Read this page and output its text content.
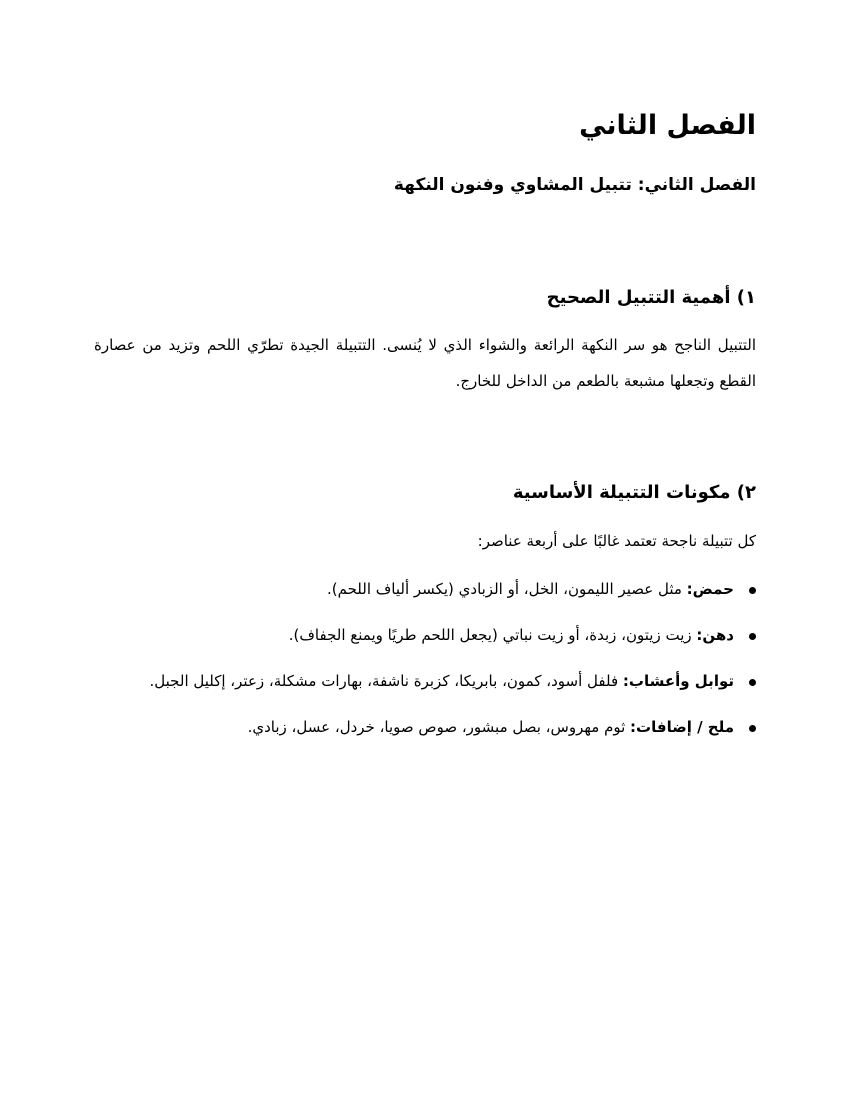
الفصل الثاني
الفصل الثاني: تتبيل المشاوي وفنون النكهة
١) أهمية التتبيل الصحيح

التتبيل الناجح هو سر النكهة الرائعة والشواء الذي لا يُنسى. التتبيلة الجيدة تطرّي اللحم وتزيد من عصارة القطع وتجعلها مشبعة بالطعم من الداخل للخارج.

٢) مكونات التتبيلة الأساسية

كل تتبيلة ناجحة تعتمد غالبًا على أربعة عناصر:

حمض: مثل عصير الليمون، الخل، أو الزبادي (يكسر ألياف اللحم).
دهن: زيت زيتون، زبدة، أو زيت نباتي (يجعل اللحم طريًا ويمنع الجفاف).
توابل وأعشاب: فلفل أسود، كمون، بابريكا، كزبرة ناشفة، بهارات مشكلة، زعتر، إكليل الجبل.
ملح / إضافات: ثوم مهروس، بصل مبشور، صوص صويا، خردل، عسل، زبادي.
